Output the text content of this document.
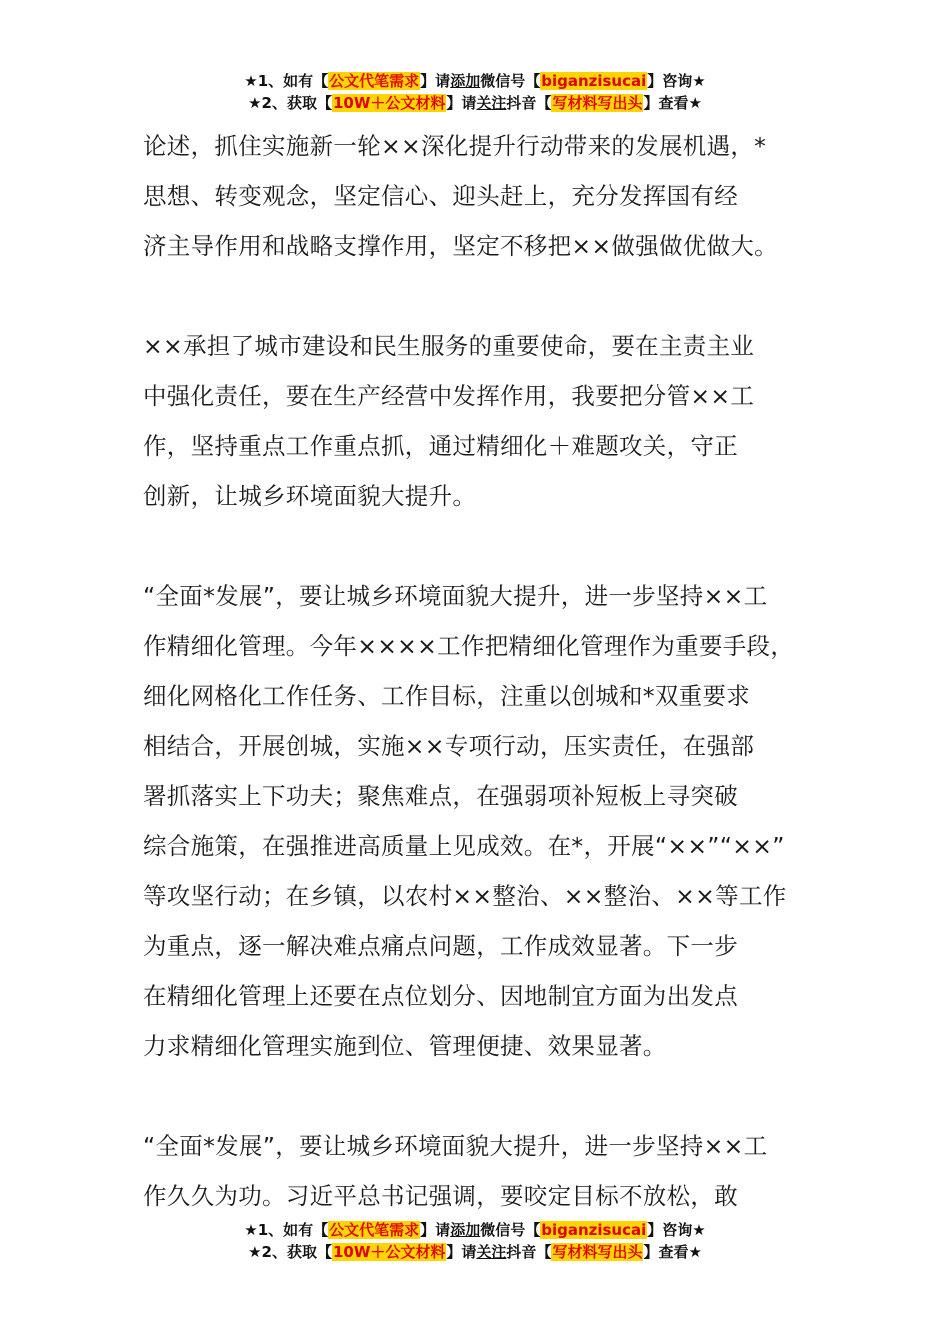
★1、如有【公文代笔需求】请添加微信号【biganzisucai】咨询★
★2、获取【10W＋公文材料】请关注抖音【写材料写出头】查看★
论述，抓住实施新一轮××深化提升行动带来的发展机遇，*
思想、转变观念，坚定信心、迎头赶上，充分发挥国有经
济主导作用和战略支撑作用，坚定不移把××做强做优做大。
××承担了城市建设和民生服务的重要使命，要在主责主业
中强化责任，要在生产经营中发挥作用，我要把分管××工
作，坚持重点工作重点抓，通过精细化＋难题攻关，守正
创新，让城乡环境面貌大提升。
“全面*发展”，要让城乡环境面貌大提升，进一步坚持××工
作精细化管理。今年××××工作把精细化管理作为重要手段，
细化网格化工作任务、工作目标，注重以创城和*双重要求
相结合，开展创城，实施××专项行动，压实责任，在强部
署抓落实上下功夫；聚焦难点，在强弱项补短板上寻突破
综合施策，在强推进高质量上见成效。在*，开展“××”“××”
等攻坚行动；在乡镇，以农村××整治、××整治、××等工作
为重点，逐一解决难点痛点问题，工作成效显著。下一步
在精细化管理上还要在点位划分、因地制宜方面为出发点
力求精细化管理实施到位、管理便捷、效果显著。
“全面*发展”，要让城乡环境面貌大提升，进一步坚持××工
作久久为功。习近平总书记强调，要咬定目标不放松，敢
★1、如有【公文代笔需求】请添加微信号【biganzisucai】咨询★
★2、获取【10W＋公文材料】请关注抖音【写材料写出头】查看★
